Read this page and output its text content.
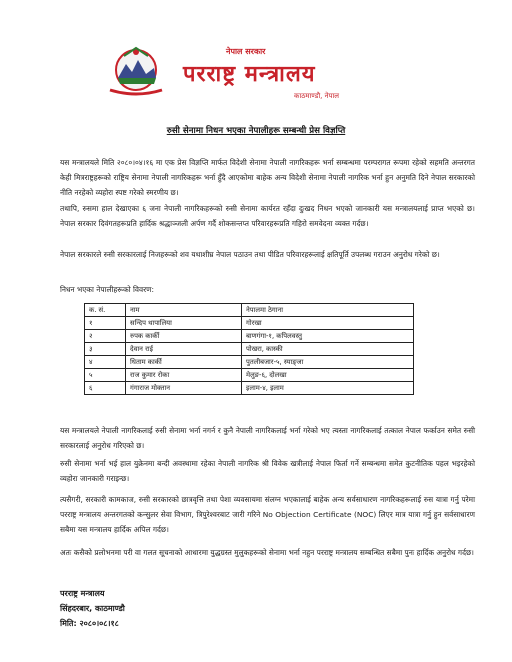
नेपाल सरकार
परराष्ट्र मन्त्रालय
काठमाण्डौ, नेपाल
रुसी सेनामा निधन भएका नेपालीहरू सम्बन्धी प्रेस विज्ञप्ति
यस मन्त्रालयले मिति २०८०।०४।१६ मा एक प्रेस विज्ञप्ति मार्फत विदेशी सेनामा नेपाली नागरिकहरू भर्ना सम्बन्धमा परम्परागत रूपमा रहेको सहमति अन्तरगत केही मित्रराष्ट्रहरूको राष्ट्रिय सेनामा नेपाली नागरिकहरू भर्ना हुँदै आएकोमा बाहेक अन्य विदेशी सेनामा नेपाली नागरिक भर्ना हुन अनुमति दिने नेपाल सरकारको नीति नरहेको व्यहोरा स्पष्ट गरेको स्मरणीय छ।
तथापि, रुसमा हाल देखाएका ६ जना नेपाली नागरिकहरूको रुसी सेनामा कार्यरत रहँदा दुःखद निधन भएको जानकारी यस मन्त्रालयलाई प्राप्त भएको छ। नेपाल सरकार दिवंगतहरूप्रति हार्दिक श्रद्धाञ्जली अर्पण गर्दै शोकसन्तप्त परिवारहरूप्रति गहिरो समवेदना व्यक्त गर्दछ।
नेपाल सरकारले रुसी सरकारलाई निजहरूको शव यथाशीघ्र नेपाल पठाउन तथा पीडित परिवारहरूलाई क्षतिपूर्ति उपलब्ध गराउन अनुरोध गरेको छ।
निधन भएका नेपालीहरूको विवरण:
क. सं.	नाम	नेपालमा ठेगाना
१	सन्दिप थापालिया	गोरखा
२	रुपक कार्की	बाणगंगा-१, कपिलवस्तु
३	देवान राई	पोखरा, कास्की
४	धिताम कार्की	पुतलीबजार-५, स्याङ्जा
५	राज कुमार रोका	मेलुङ-६, दोलखा
६	गंगाराज मोक्तान	इलाम-४, इलाम
यस मन्त्रालयले नेपाली नागरिकलाई रुसी सेनामा भर्ना नगर्न र कुनै नेपाली नागरिकलाई भर्ना गरेको भए त्यस्ता नागरिकलाई तत्काल नेपाल फर्काउन समेत रुसी सरकारलाई अनुरोध गरिएको छ।
रुसी सेनामा भर्ना भई हाल युक्रेनमा बन्दी अवस्थामा रहेका नेपाली नागरिक श्री विवेक खत्रीलाई नेपाल फिर्ता गर्ने सम्बन्धमा समेत कुटनीतिक पहल भइरहेको व्यहोरा जानकारी गराइन्छ।
त्यसैगरी, सरकारी कामकाज, रुसी सरकारको छात्रवृत्ति तथा पेशा व्यवसायमा संलग्न भएकालाई बाहेक अन्य सर्वसाधारण नागरिकहरूलाई रुस यात्रा गर्नु परेमा परराष्ट्र मन्त्रालय अन्तरगतको कन्सुलर सेवा विभाग, त्रिपुरेश्वरबाट जारी गरिने No Objection Certificate (NOC) लिएर मात्र यात्रा गर्नु हुन सर्वसाधारण सबैमा यस मन्त्रालय हार्दिक अपिल गर्दछ।
अतः कसैको प्रलोभनमा परी वा गलत सूचनाको आधारमा युद्धग्रस्त मुलुकहरूको सेनामा भर्ना नहुन परराष्ट्र मन्त्रालय सम्बन्धित सबैमा पुनः हार्दिक अनुरोध गर्दछ।
परराष्ट्र मन्त्रालय
सिंहदरबार, काठमाण्डौ
मिति: २०८०।०८।१८
